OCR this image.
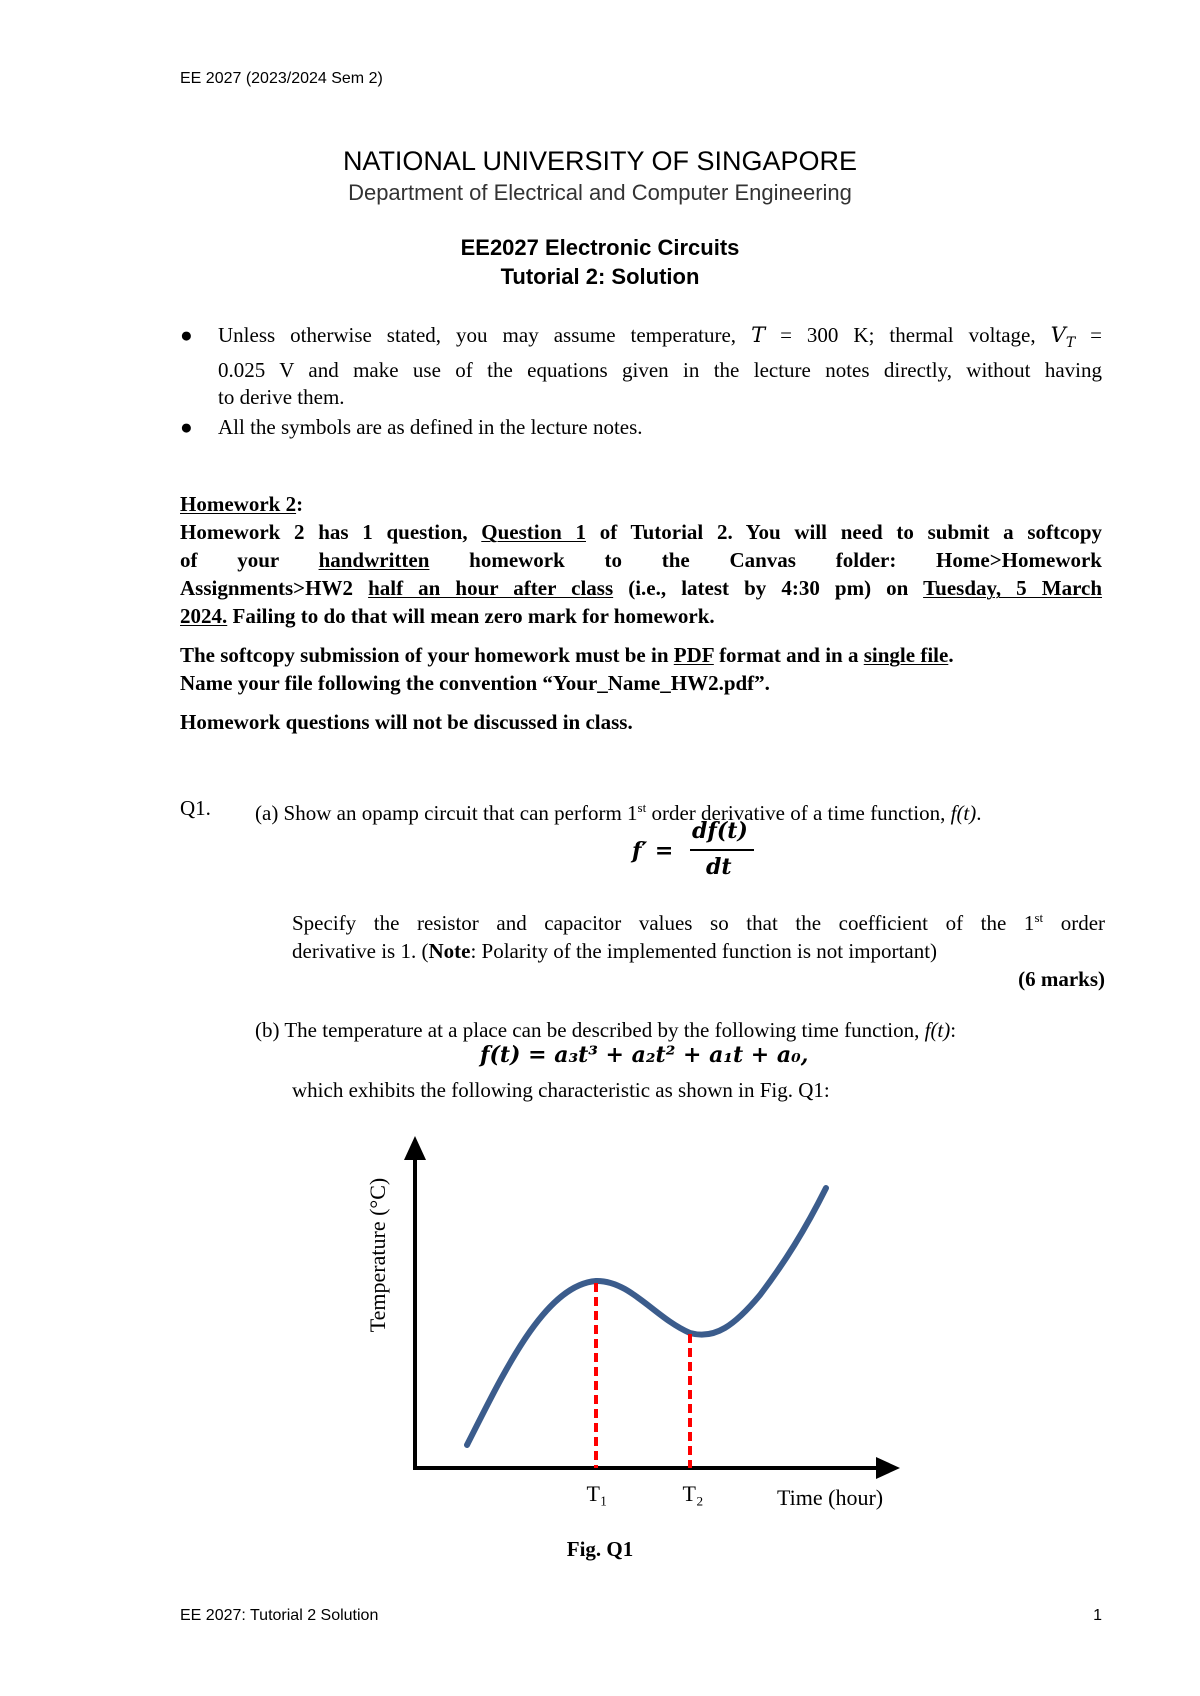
EE 2027 (2023/2024 Sem 2)
NATIONAL UNIVERSITY OF SINGAPORE
Department of Electrical and Computer Engineering
EE2027 Electronic Circuits
Tutorial 2: Solution
● Unless otherwise stated, you may assume temperature, T = 300 K; thermal voltage, $V_T$ =
0.025 V and make use of the equations given in the lecture notes directly, without having
to derive them.
● All the symbols are as defined in the lecture notes.
Homework 2:
Homework 2 has 1 question, Question 1 of Tutorial 2. You will need to submit a softcopy
of your handwritten homework to the Canvas folder: Home>Homework
Assignments>HW2 half an hour after class (i.e., latest by 4:30 pm) on Tuesday, 5 March
2024. Failing to do that will mean zero mark for homework.
The softcopy submission of your homework must be in PDF format and in a single file.
Name your file following the convention “Your_Name_HW2.pdf”.
Homework questions will not be discussed in class.
Q1. (a) Show an opamp circuit that can perform 1st order derivative of a time function, f(t).
f′ =
df(t)
dt
Specify the resistor and capacitor values so that the coefficient of the 1st order
derivative is 1. (Note: Polarity of the implemented function is not important)
(6 marks)
(b) The temperature at a place can be described by the following time function, f(t):
f(t) = a₃t³ + a₂t² + a₁t + a₀,
which exhibits the following characteristic as shown in Fig. Q1:
Temperature (°C)
T₁	T₂	Time (hour)
Fig. Q1
EE 2027: Tutorial 2 Solution	1
